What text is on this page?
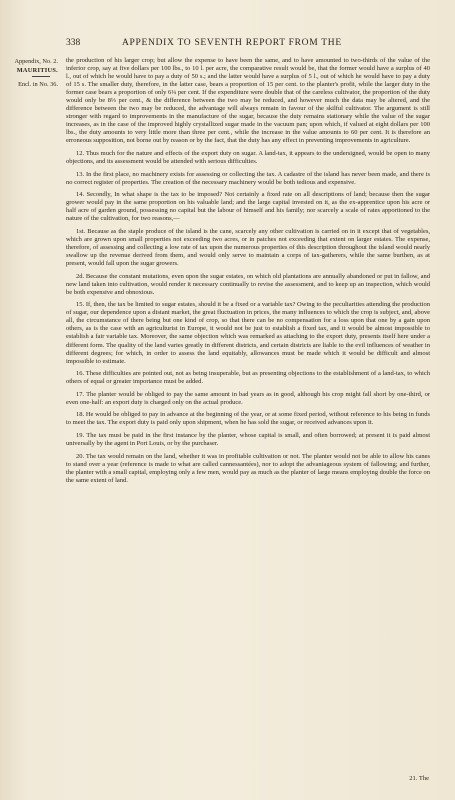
338	APPENDIX TO SEVENTH REPORT FROM THE
Appendix, No. 2.
MAURITIUS.
Encl. in No. 36.

the production of his larger crop; but allow the expense to have been the same, and to have amounted to two-thirds of the value of the inferior crop, say at five dollars per 100 lbs., to 10 l. per acre, the comparative result would be, that the former would have a surplus of 40 l., out of which he would have to pay a duty of 50 s.; and the latter would have a surplus of 5 l., out of which he would have to pay a duty of 15 s. The smaller duty, therefore, in the latter case, bears a proportion of 15 per cent. to the planter's profit, while the larger duty in the former case bears a proportion of only 6¼ per cent. If the expenditure were double that of the careless cultivator, the proportion of the duty would only be 8⅓ per cent., & the difference between the two may be reduced, and however much the data may be altered, and the difference between the two may be reduced, the advantage will always remain in favour of the skilful cultivator. The argument is still stronger with regard to improvements in the manufacture of the sugar, because the duty remains stationary while the value of the sugar increases, as in the case of the improved highly crystallized sugar made in the vacuum pan; upon which, if valued at eight dollars per 100 lbs., the duty amounts to very little more than three per cent., while the increase in the value amounts to 60 per cent. It is therefore an erroneous supposition, not borne out by reason or by the fact, that the duty has any effect in preventing improvements in agriculture.

12. Thus much for the nature and effects of the export duty on sugar. A land-tax, it appears to the undersigned, would be open to many objections, and its assessment would be attended with serious difficulties.

13. In the first place, no machinery exists for assessing or collecting the tax. A cadastre of the island has never been made, and there is no correct register of properties. The creation of the necessary machinery would be both tedious and expensive.

14. Secondly, In what shape is the tax to be imposed? Not certainly a fixed rate on all descriptions of land; because then the sugar grower would pay in the same proportion on his valuable land; and the large capital invested on it, as the ex-apprentice upon his acre or half acre of garden ground, possessing no capital but the labour of himself and his family; nor scarcely a scale of rates apportioned to the nature of the cultivation, for two reasons,—

1st. Because as the staple produce of the island is the cane, scarcely any other cultivation is carried on in it except that of vegetables, which are grown upon small properties not exceeding two acres, or in patches not exceeding that extent on larger estates. The expense, therefore, of assessing and collecting a low rate of tax upon the numerous properties of this description throughout the island would nearly swallow up the revenue derived from them, and would only serve to maintain a corps of tax-gatherers, while the same burthen, as at present, would fall upon the sugar growers.

2d. Because the constant mutations, even upon the sugar estates, on which old plantations are annually abandoned or put in fallow, and new land taken into cultivation, would render it necessary continually to revise the assessment, and to keep up an inspection, which would be both expensive and obnoxious.

15. If, then, the tax be limited to sugar estates, should it be a fixed or a variable tax? Owing to the peculiarities attending the production of sugar, our dependence upon a distant market, the great fluctuation in prices, the many influences to which the crop is subject, and, above all, the circumstance of there being but one kind of crop, so that there can be no compensation for a loss upon that one by a gain upon others, as is the case with an agriculturist in Europe, it would not be just to establish a fixed tax, and it would be almost impossible to establish a fair variable tax. Moreover, the same objection which was remarked as attaching to the export duty, presents itself here under a different form. The quality of the land varies greatly in different districts, and certain districts are liable to the evil influences of weather in different degrees; for which, in order to assess the land equitably, allowances must be made which it would be difficult and almost impossible to estimate.

16. These difficulties are pointed out, not as being insuperable, but as presenting objections to the establishment of a land-tax, to which others of equal or greater importance must be added.

17. The planter would be obliged to pay the same amount in bad years as in good, although his crop might fall short by one-third, or even one-half: an export duty is charged only on the actual produce.

18. He would be obliged to pay in advance at the beginning of the year, or at some fixed period, without reference to his being in funds to meet the tax. The export duty is paid only upon shipment, when he has sold the sugar, or received advances upon it.

19. The tax must be paid in the first instance by the planter, whose capital is small, and often borrowed; at present it is paid almost universally by the agent in Port Louis, or by the purchaser.

20. The tax would remain on the land, whether it was in profitable cultivation or not. The planter would not be able to allow his canes to stand over a year (reference is made to what are called cannessantées), nor to adopt the advantageous system of fallowing; and further, the planter with a small capital, employing only a few men, would pay as much as the planter of large means employing double the force on the same extent of land.

21. The
